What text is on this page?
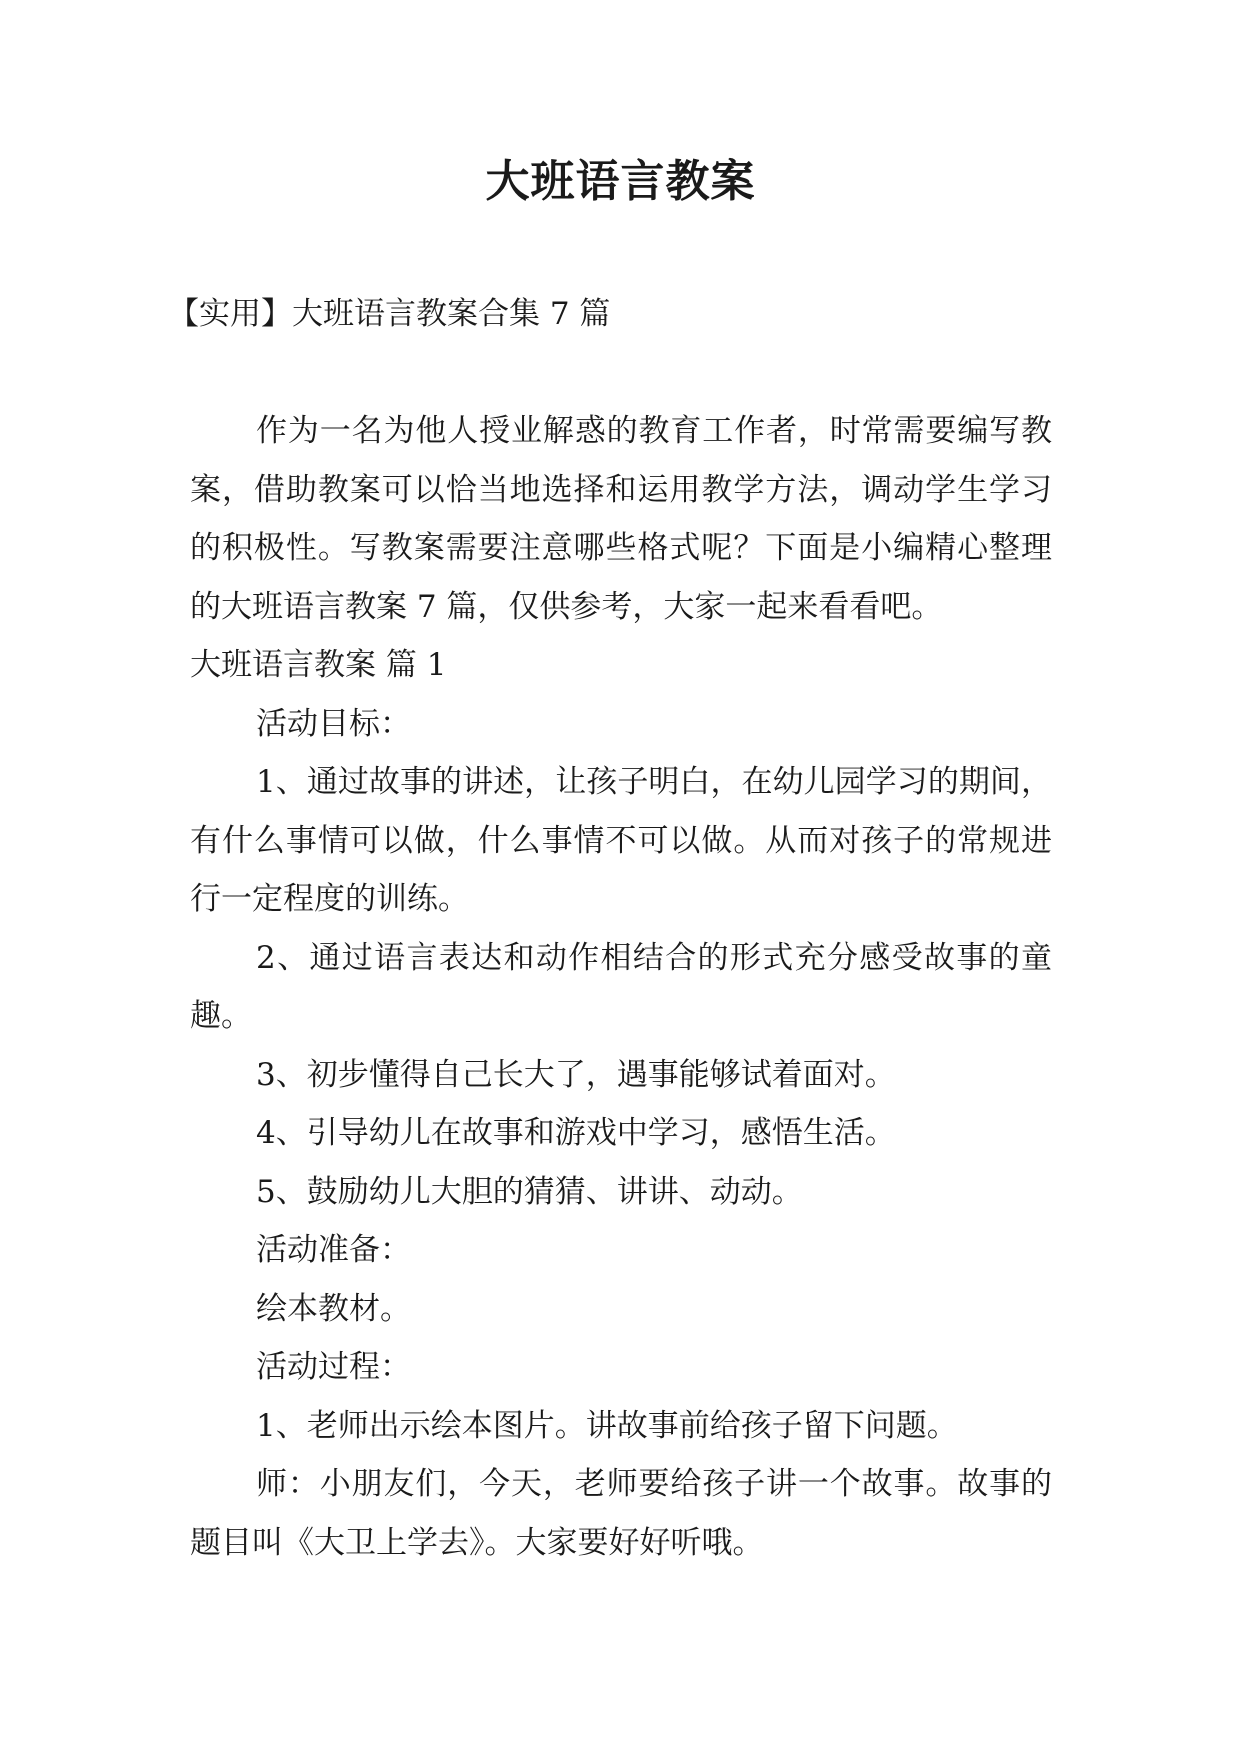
大班语言教案
【实用】大班语言教案合集 7 篇

作为一名为他人授业解惑的教育工作者，时常需要编写教案，借助教案可以恰当地选择和运用教学方法，调动学生学习的积极性。写教案需要注意哪些格式呢？下面是小编精心整理的大班语言教案 7 篇，仅供参考，大家一起来看看吧。

大班语言教案 篇 1

活动目标：

1、通过故事的讲述，让孩子明白，在幼儿园学习的期间，有什么事情可以做，什么事情不可以做。从而对孩子的常规进行一定程度的训练。

2、通过语言表达和动作相结合的形式充分感受故事的童趣。

3、初步懂得自己长大了，遇事能够试着面对。

4、引导幼儿在故事和游戏中学习，感悟生活。

5、鼓励幼儿大胆的猜猜、讲讲、动动。

活动准备：

绘本教材。

活动过程：

1、老师出示绘本图片。讲故事前给孩子留下问题。

师：小朋友们，今天，老师要给孩子讲一个故事。故事的题目叫《大卫上学去》。大家要好好听哦。
